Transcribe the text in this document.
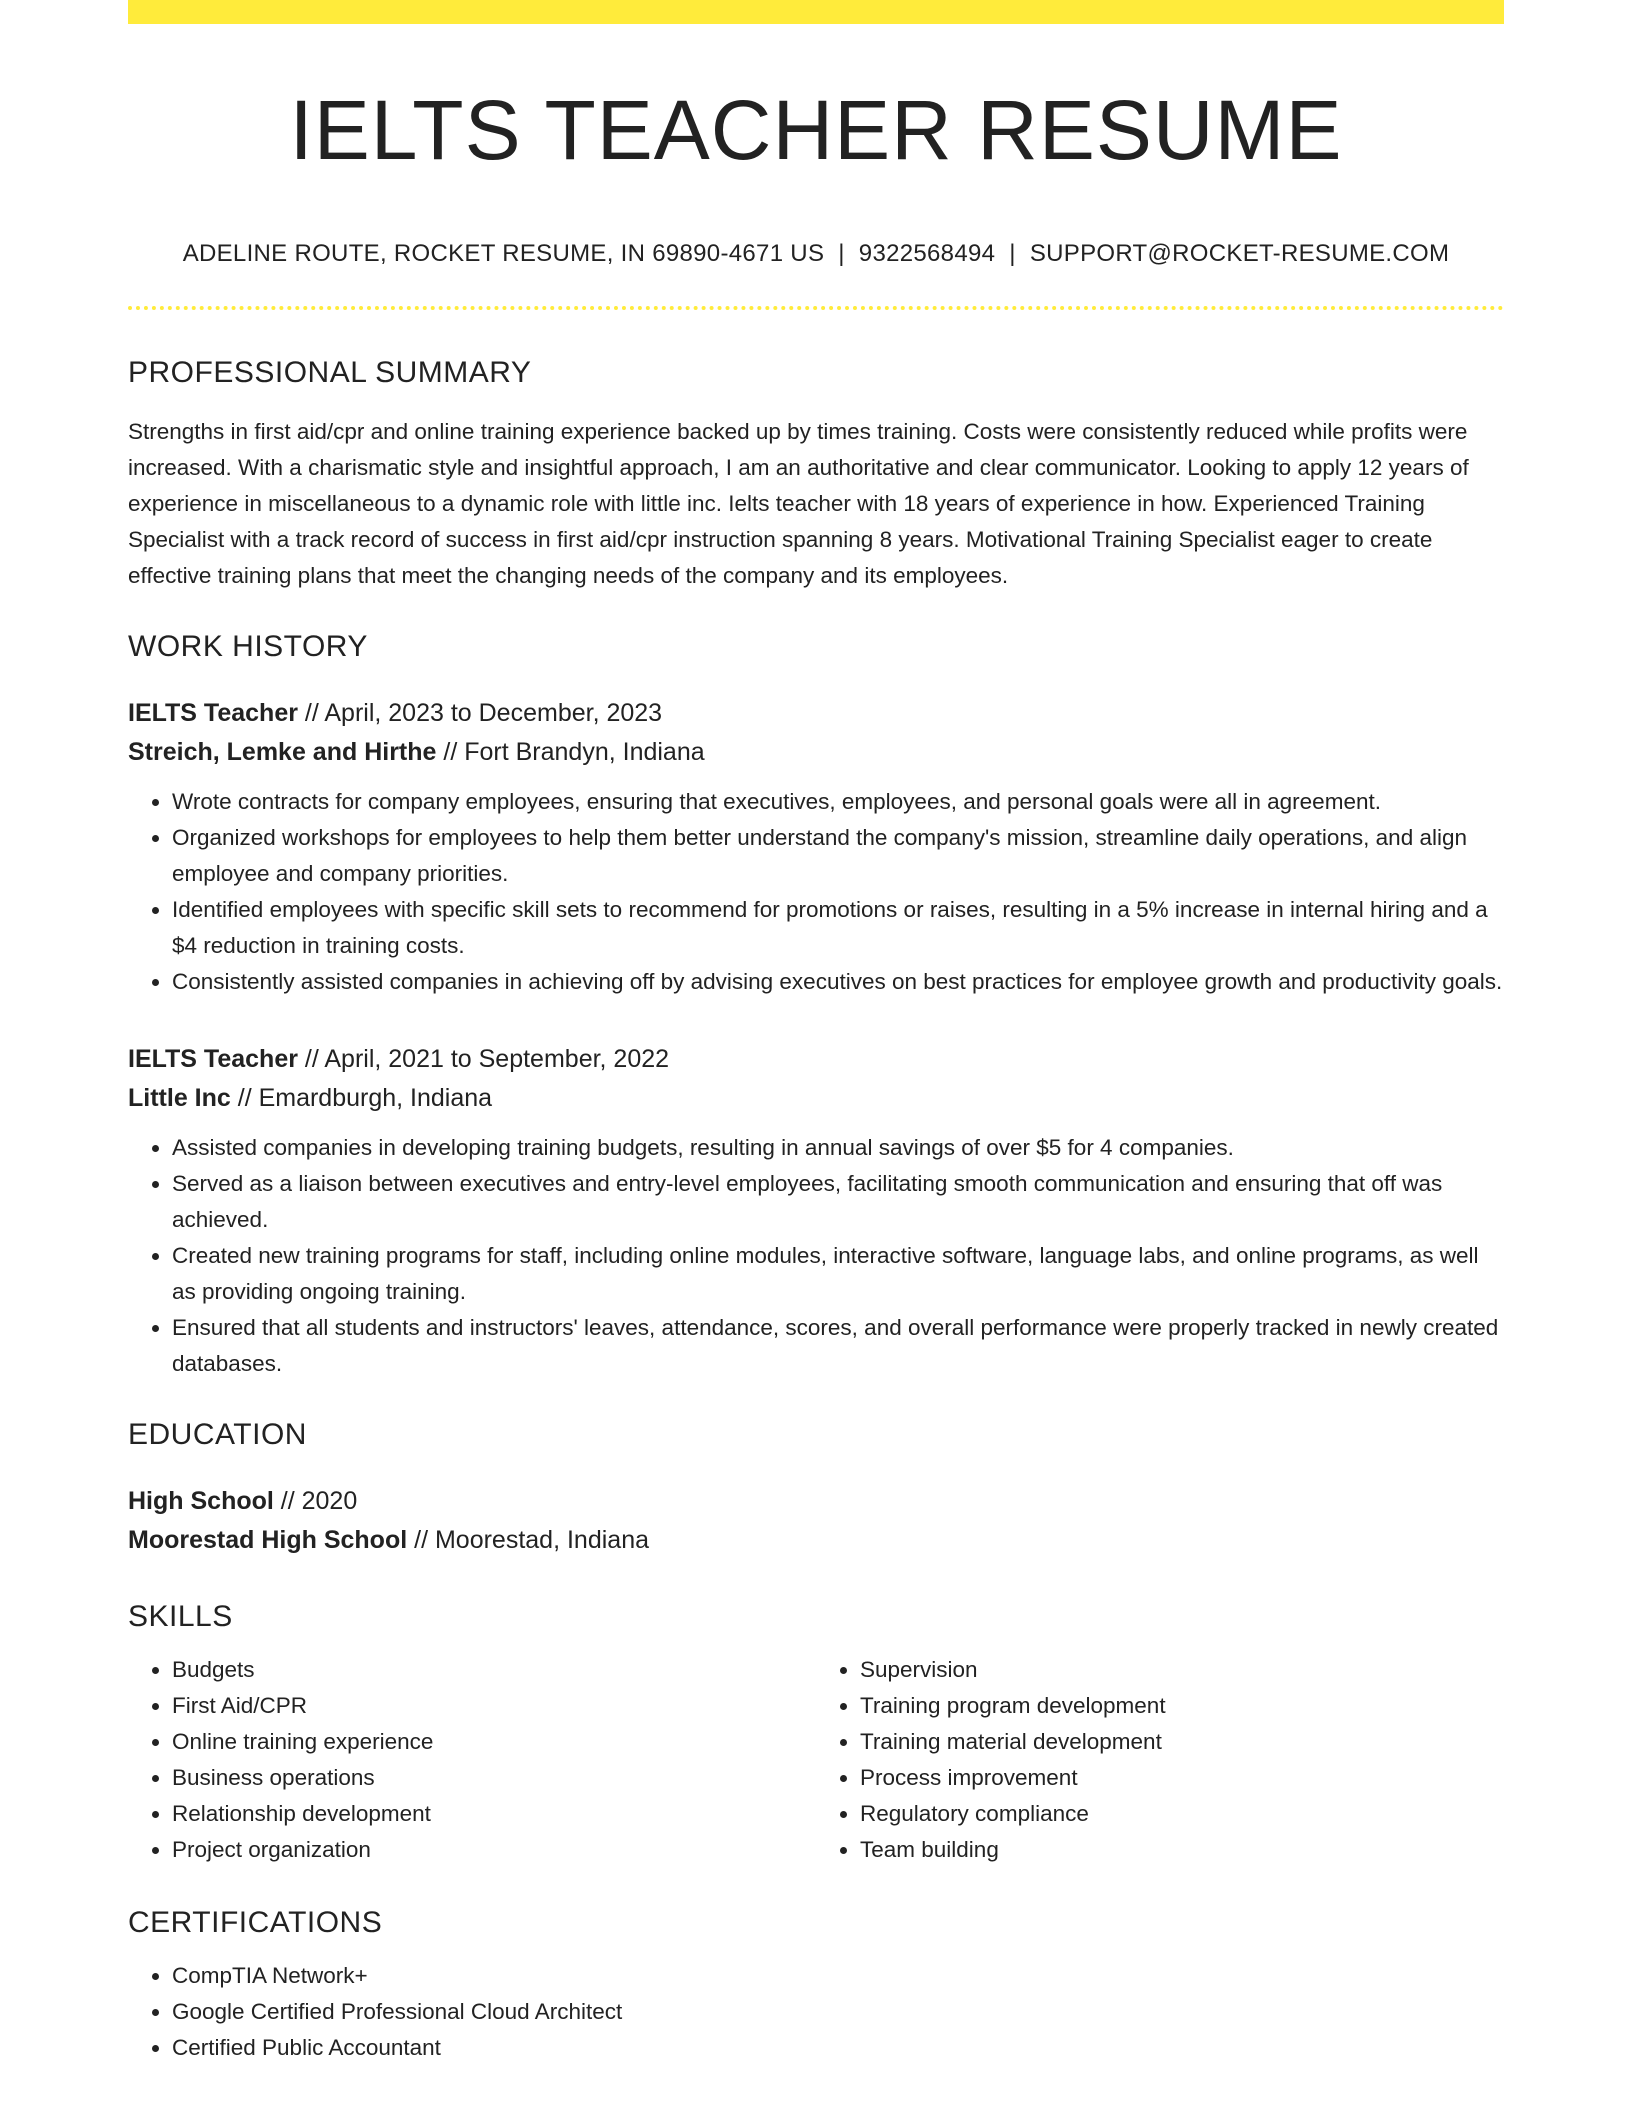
IELTS TEACHER RESUME
ADELINE ROUTE, ROCKET RESUME, IN 69890-4671 US | 9322568494 | SUPPORT@ROCKET-RESUME.COM
PROFESSIONAL SUMMARY
Strengths in first aid/cpr and online training experience backed up by times training. Costs were consistently reduced while profits were increased. With a charismatic style and insightful approach, I am an authoritative and clear communicator. Looking to apply 12 years of experience in miscellaneous to a dynamic role with little inc. Ielts teacher with 18 years of experience in how. Experienced Training Specialist with a track record of success in first aid/cpr instruction spanning 8 years. Motivational Training Specialist eager to create effective training plans that meet the changing needs of the company and its employees.
WORK HISTORY
IELTS Teacher // April, 2023 to December, 2023
Streich, Lemke and Hirthe // Fort Brandyn, Indiana
• Wrote contracts for company employees, ensuring that executives, employees, and personal goals were all in agreement.
• Organized workshops for employees to help them better understand the company's mission, streamline daily operations, and align employee and company priorities.
• Identified employees with specific skill sets to recommend for promotions or raises, resulting in a 5% increase in internal hiring and a $4 reduction in training costs.
• Consistently assisted companies in achieving off by advising executives on best practices for employee growth and productivity goals.
IELTS Teacher // April, 2021 to September, 2022
Little Inc // Emardburgh, Indiana
• Assisted companies in developing training budgets, resulting in annual savings of over $5 for 4 companies.
• Served as a liaison between executives and entry-level employees, facilitating smooth communication and ensuring that off was achieved.
• Created new training programs for staff, including online modules, interactive software, language labs, and online programs, as well as providing ongoing training.
• Ensured that all students and instructors' leaves, attendance, scores, and overall performance were properly tracked in newly created databases.
EDUCATION
High School // 2020
Moorestad High School // Moorestad, Indiana
SKILLS
• Budgets
• First Aid/CPR
• Online training experience
• Business operations
• Relationship development
• Project organization
• Supervision
• Training program development
• Training material development
• Process improvement
• Regulatory compliance
• Team building
CERTIFICATIONS
• CompTIA Network+
• Google Certified Professional Cloud Architect
• Certified Public Accountant
